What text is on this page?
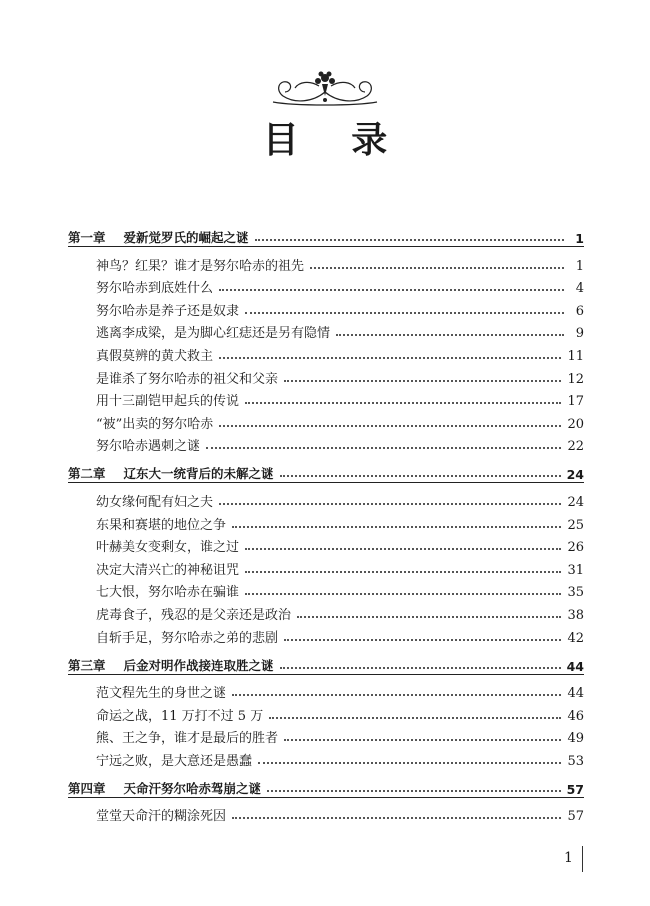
目 录
第一章 爱新觉罗氏的崛起之谜	1
神鸟？红果？谁才是努尔哈赤的祖先	1
努尔哈赤到底姓什么	4
努尔哈赤是养子还是奴隶	6
逃离李成梁，是为脚心红痣还是另有隐情	9
真假莫辨的黄犬救主	11
是谁杀了努尔哈赤的祖父和父亲	12
用十三副铠甲起兵的传说	17
“被”出卖的努尔哈赤	20
努尔哈赤遇刺之谜	22
第二章 辽东大一统背后的未解之谜	24
幼女缘何配有妇之夫	24
东果和赛堪的地位之争	25
叶赫美女变剩女，谁之过	26
决定大清兴亡的神秘诅咒	31
七大恨，努尔哈赤在骗谁	35
虎毒食子，残忍的是父亲还是政治	38
自斩手足，努尔哈赤之弟的悲剧	42
第三章 后金对明作战接连取胜之谜	44
范文程先生的身世之谜	44
命运之战，11 万打不过 5 万	46
熊、王之争，谁才是最后的胜者	49
宁远之败，是大意还是愚蠢	53
第四章 天命汗努尔哈赤驾崩之谜	57
堂堂天命汗的糊涂死因	57
1
